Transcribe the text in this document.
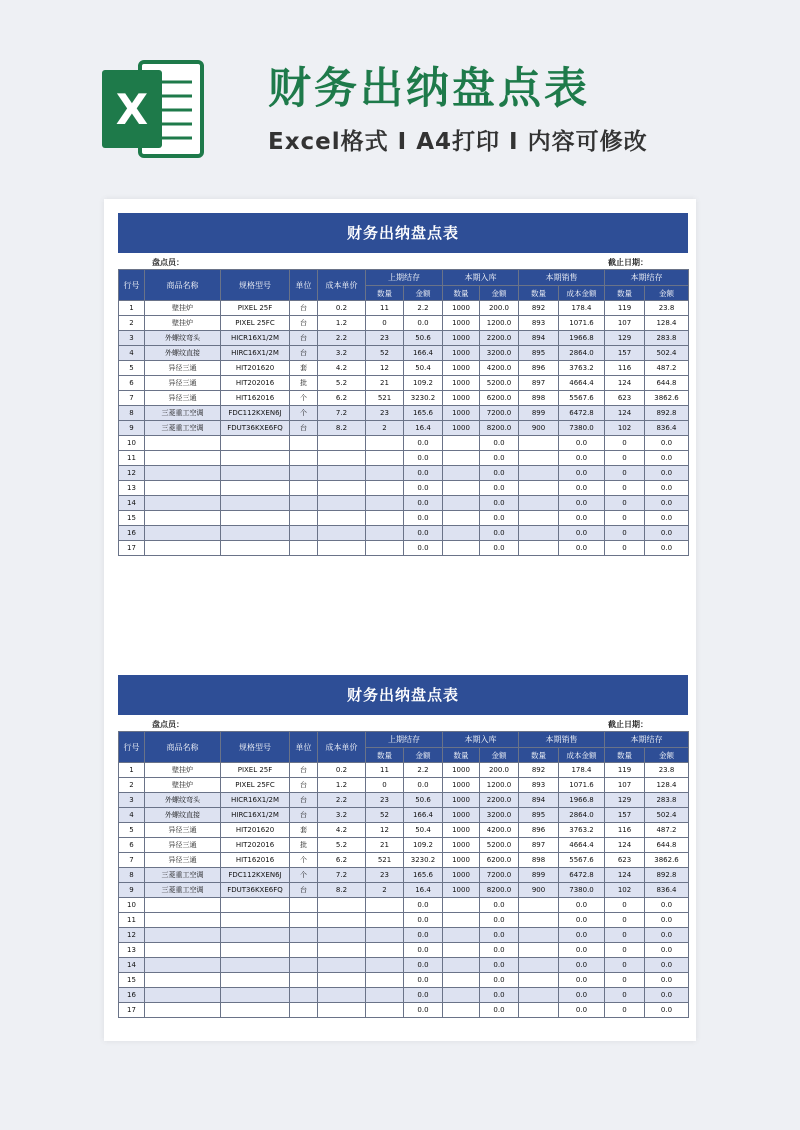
X	财务出纳盘点表
Excel格式 I A4打印 I 内容可修改
财务出纳盘点表
盘点员：	截止日期：
行号	商品名称	规格型号	单位	成本单价	上期结存		本期入库		本期销售		本期结存	
					数量	金额	数量	金额	数量	成本金额	数量	金额
1	壁挂炉	PIXEL 25F	台	0.2	11	2.2	1000	200.0	892	178.4	119	23.8
2	壁挂炉	PIXEL 25FC	台	1.2	0	0.0	1000	1200.0	893	1071.6	107	128.4
3	外螺纹弯头	HICR16X1/2M	台	2.2	23	50.6	1000	2200.0	894	1966.8	129	283.8
4	外螺纹直接	HIRC16X1/2M	台	3.2	52	166.4	1000	3200.0	895	2864.0	157	502.4
5	异径三通	HIT201620	套	4.2	12	50.4	1000	4200.0	896	3763.2	116	487.2
6	异径三通	HIT202016	批	5.2	21	109.2	1000	5200.0	897	4664.4	124	644.8
7	异径三通	HIT162016	个	6.2	521	3230.2	1000	6200.0	898	5567.6	623	3862.6
8	三菱重工空调	FDC112KXEN6J	个	7.2	23	165.6	1000	7200.0	899	6472.8	124	892.8
9	三菱重工空调	FDUT36KXE6FQ	台	8.2	2	16.4	1000	8200.0	900	7380.0	102	836.4
10						0.0		0.0		0.0	0	0.0
11						0.0		0.0		0.0	0	0.0
12						0.0		0.0		0.0	0	0.0
13						0.0		0.0		0.0	0	0.0
14						0.0		0.0		0.0	0	0.0
15						0.0		0.0		0.0	0	0.0
16						0.0		0.0		0.0	0	0.0
17						0.0		0.0		0.0	0	0.0
财务出纳盘点表
盘点员：	截止日期：
行号	商品名称	规格型号	单位	成本单价	上期结存		本期入库		本期销售		本期结存	
					数量	金额	数量	金额	数量	成本金额	数量	金额
1	壁挂炉	PIXEL 25F	台	0.2	11	2.2	1000	200.0	892	178.4	119	23.8
2	壁挂炉	PIXEL 25FC	台	1.2	0	0.0	1000	1200.0	893	1071.6	107	128.4
3	外螺纹弯头	HICR16X1/2M	台	2.2	23	50.6	1000	2200.0	894	1966.8	129	283.8
4	外螺纹直接	HIRC16X1/2M	台	3.2	52	166.4	1000	3200.0	895	2864.0	157	502.4
5	异径三通	HIT201620	套	4.2	12	50.4	1000	4200.0	896	3763.2	116	487.2
6	异径三通	HIT202016	批	5.2	21	109.2	1000	5200.0	897	4664.4	124	644.8
7	异径三通	HIT162016	个	6.2	521	3230.2	1000	6200.0	898	5567.6	623	3862.6
8	三菱重工空调	FDC112KXEN6J	个	7.2	23	165.6	1000	7200.0	899	6472.8	124	892.8
9	三菱重工空调	FDUT36KXE6FQ	台	8.2	2	16.4	1000	8200.0	900	7380.0	102	836.4
10						0.0		0.0		0.0	0	0.0
11						0.0		0.0		0.0	0	0.0
12						0.0		0.0		0.0	0	0.0
13						0.0		0.0		0.0	0	0.0
14						0.0		0.0		0.0	0	0.0
15						0.0		0.0		0.0	0	0.0
16						0.0		0.0		0.0	0	0.0
17						0.0		0.0		0.0	0	0.0
